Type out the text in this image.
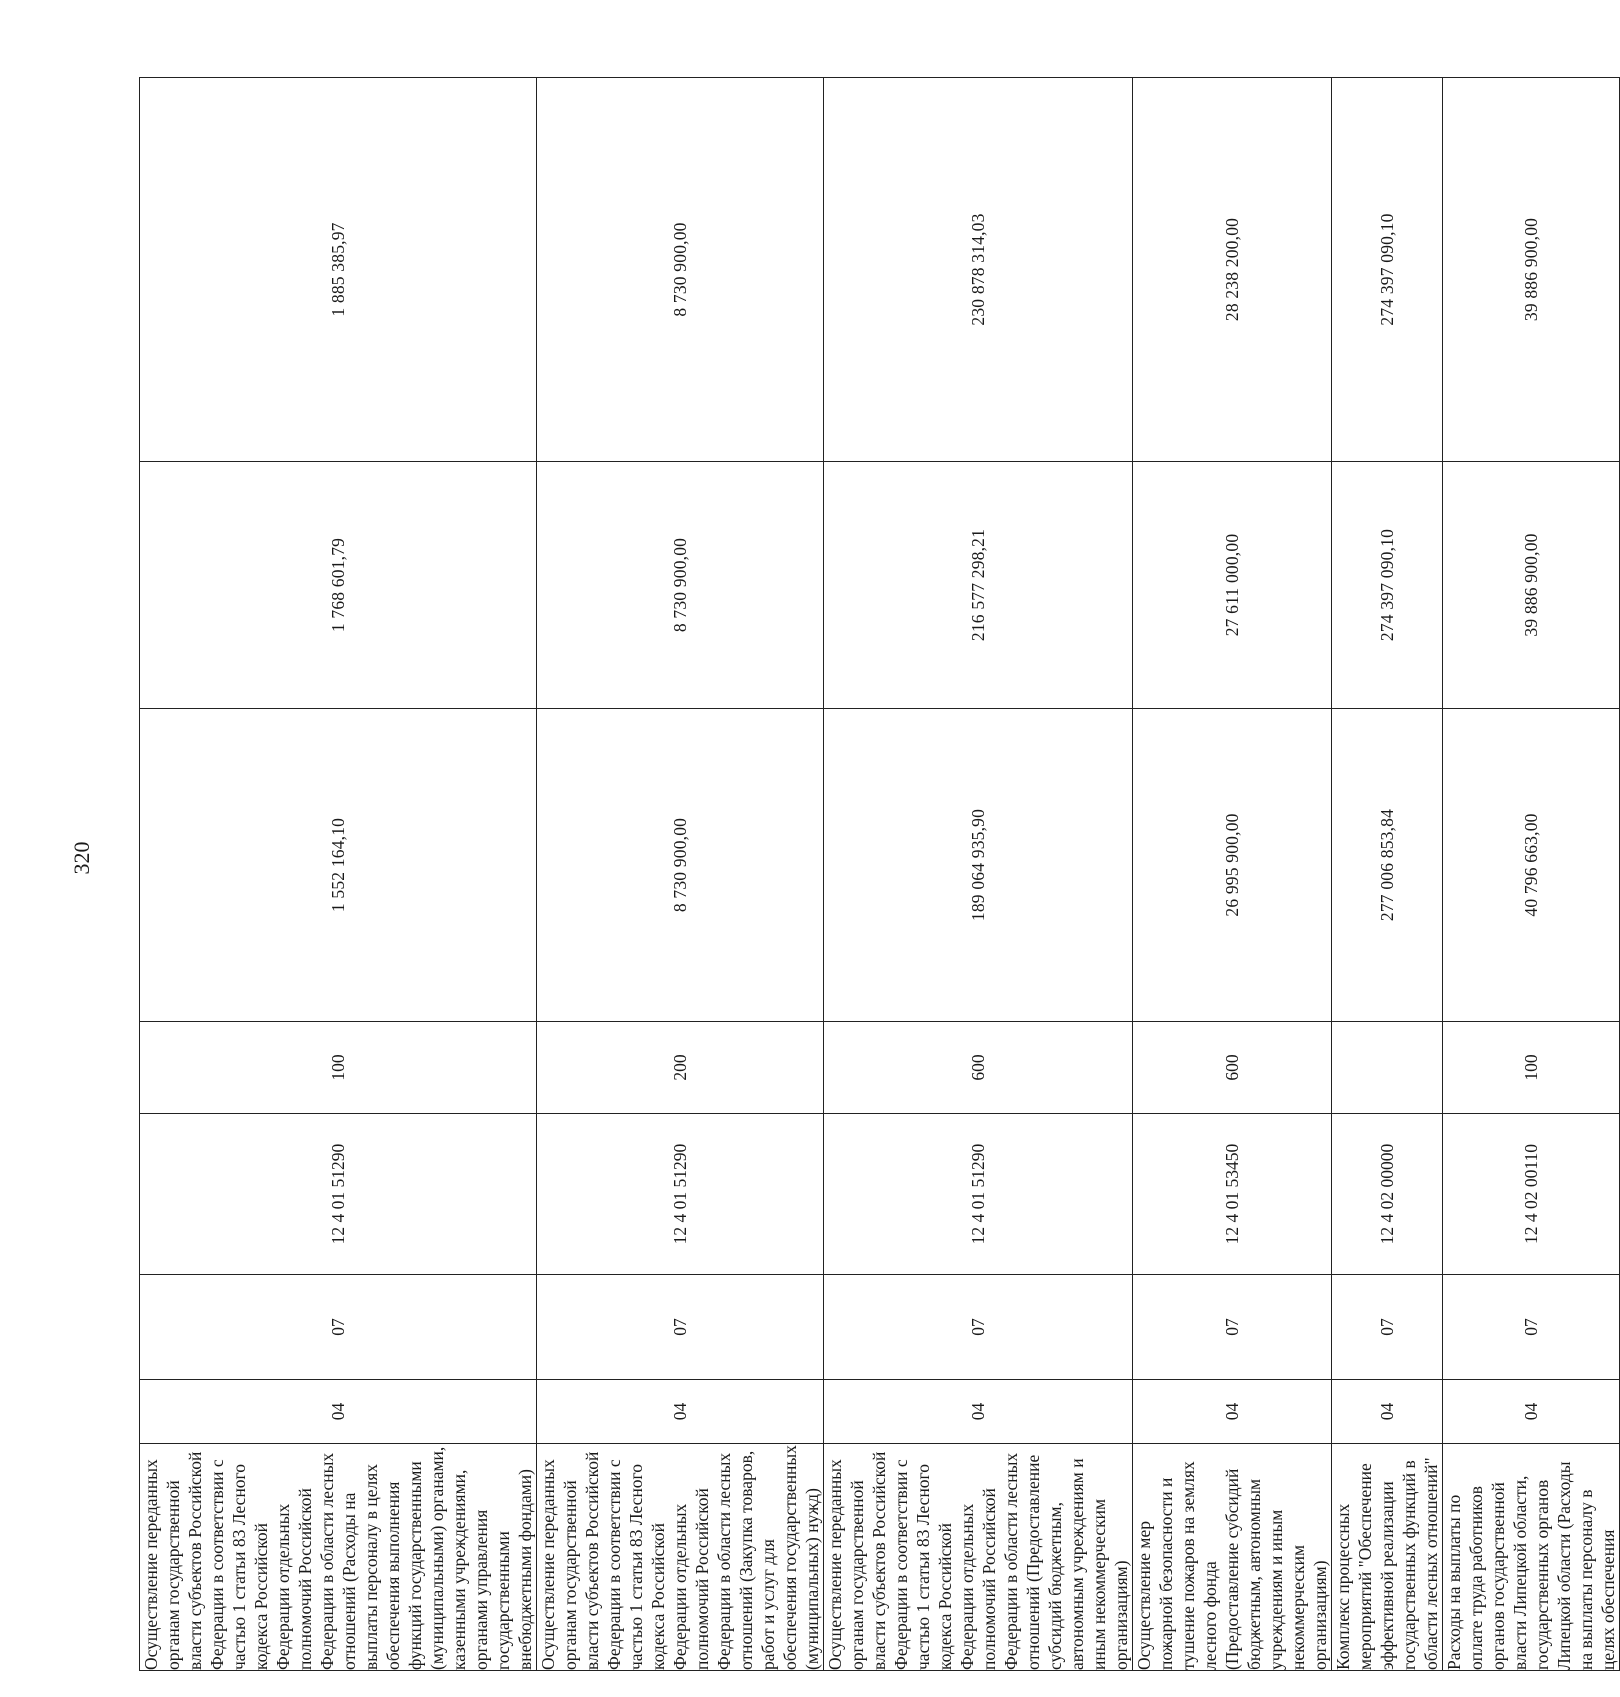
320
Осуществление переданных органам государственной власти субъектов Российской Федерации в соответствии с частью 1 статьи 83 Лесного кодекса Российской Федерации отдельных полномочий Российской Федерации в области лесных отношений (Расходы на выплаты персоналу в целях обеспечения выполнения функций государственными (муниципальными) органами, казенными учреждениями, органами управления государственными внебюджетными фондами)	04	07	12 4 01 51290	100	1 552 164,10	1 768 601,79	1 885 385,97
Осуществление переданных органам государственной власти субъектов Российской Федерации в соответствии с частью 1 статьи 83 Лесного кодекса Российской Федерации отдельных полномочий Российской Федерации в области лесных отношений (Закупка товаров, работ и услуг для обеспечения государственных (муниципальных) нужд)	04	07	12 4 01 51290	200	8 730 900,00	8 730 900,00	8 730 900,00
Осуществление переданных органам государственной власти субъектов Российской Федерации в соответствии с частью 1 статьи 83 Лесного кодекса Российской Федерации отдельных полномочий Российской Федерации в области лесных отношений (Предоставление субсидий бюджетным, автономным учреждениям и иным некоммерческим организациям)	04	07	12 4 01 51290	600	189 064 935,90	216 577 298,21	230 878 314,03
Осуществление мер пожарной безопасности и тушение пожаров на землях лесного фонда (Предоставление субсидий бюджетным, автономным учреждениям и иным некоммерческим организациям)	04	07	12 4 01 53450	600	26 995 900,00	27 611 000,00	28 238 200,00
Комплекс процессных мероприятий "Обеспечение эффективной реализации государственных функций в области лесных отношений"	04	07	12 4 02 00000		277 006 853,84	274 397 090,10	274 397 090,10
Расходы на выплаты по оплате труда работников органов государственной власти Липецкой области, государственных органов Липецкой области (Расходы на выплаты персоналу в целях обеспечения	04	07	12 4 02 00110	100	40 796 663,00	39 886 900,00	39 886 900,00
